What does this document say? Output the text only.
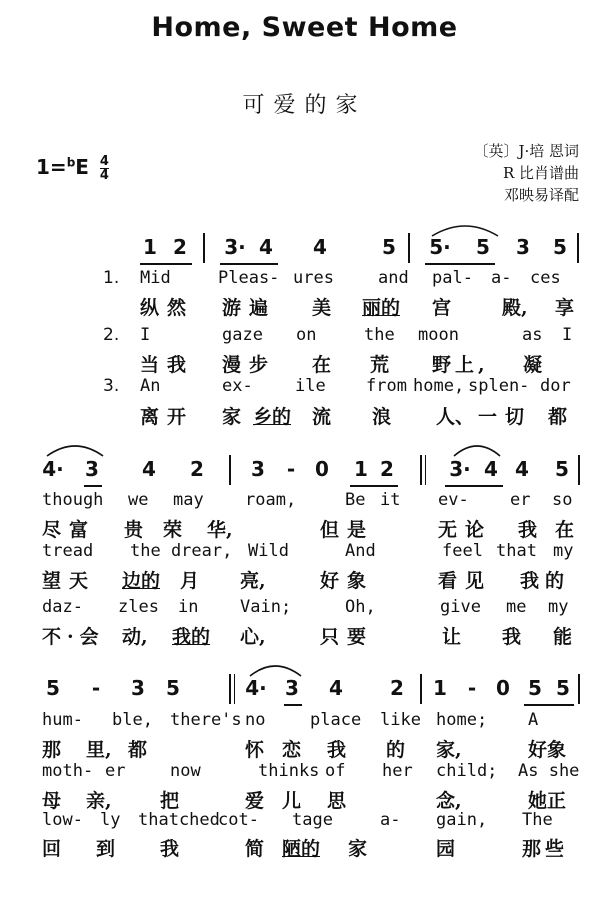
Home, Sweet Home
可爱的家
$1=^bE \frac{4}{4}$
〔英〕J·培 恩词
R 比肖谱曲
邓映易译配
1 2 3· 4 4	5 5· 5 3 5
1. Mid	Pleas- ures	and pal- a- ces
纵然 游遍 美 丽的 宫	殿, 享
2. I	gaze on	the moon	as I
当我 漫步 在 荒 野上, 凝
3. An	ex- ile from home, splen- dor
离开 家 乡的 流 浪 人、 一切 都
4· 3 4 2 3 - 0 1 2	3· 4 4 5
though we may roam,	Be it ev- er so
尽富 贵 荣 华,	但是	无论 我 在
tread the drear, Wild	And	feel that my
望天 边的 月 亮,	好象	看见 我的
daz- zles in Vain;	Oh,	give me my
不·会 动, 我的 心,	只要	让 我 能
5 - 3 5	4· 3 4 2 1 - 0 5 5
hum- ble, there's no	place like home; A
那 里, 都	怀 恋 我 的 家,	好象
moth- er	now	thinks of her child; As she
母 亲,	把	爱 儿 思	念,	她正
low- ly thatched
cot- tage	a- gain, The
回 到 我	简 陋的 家	园	那些
